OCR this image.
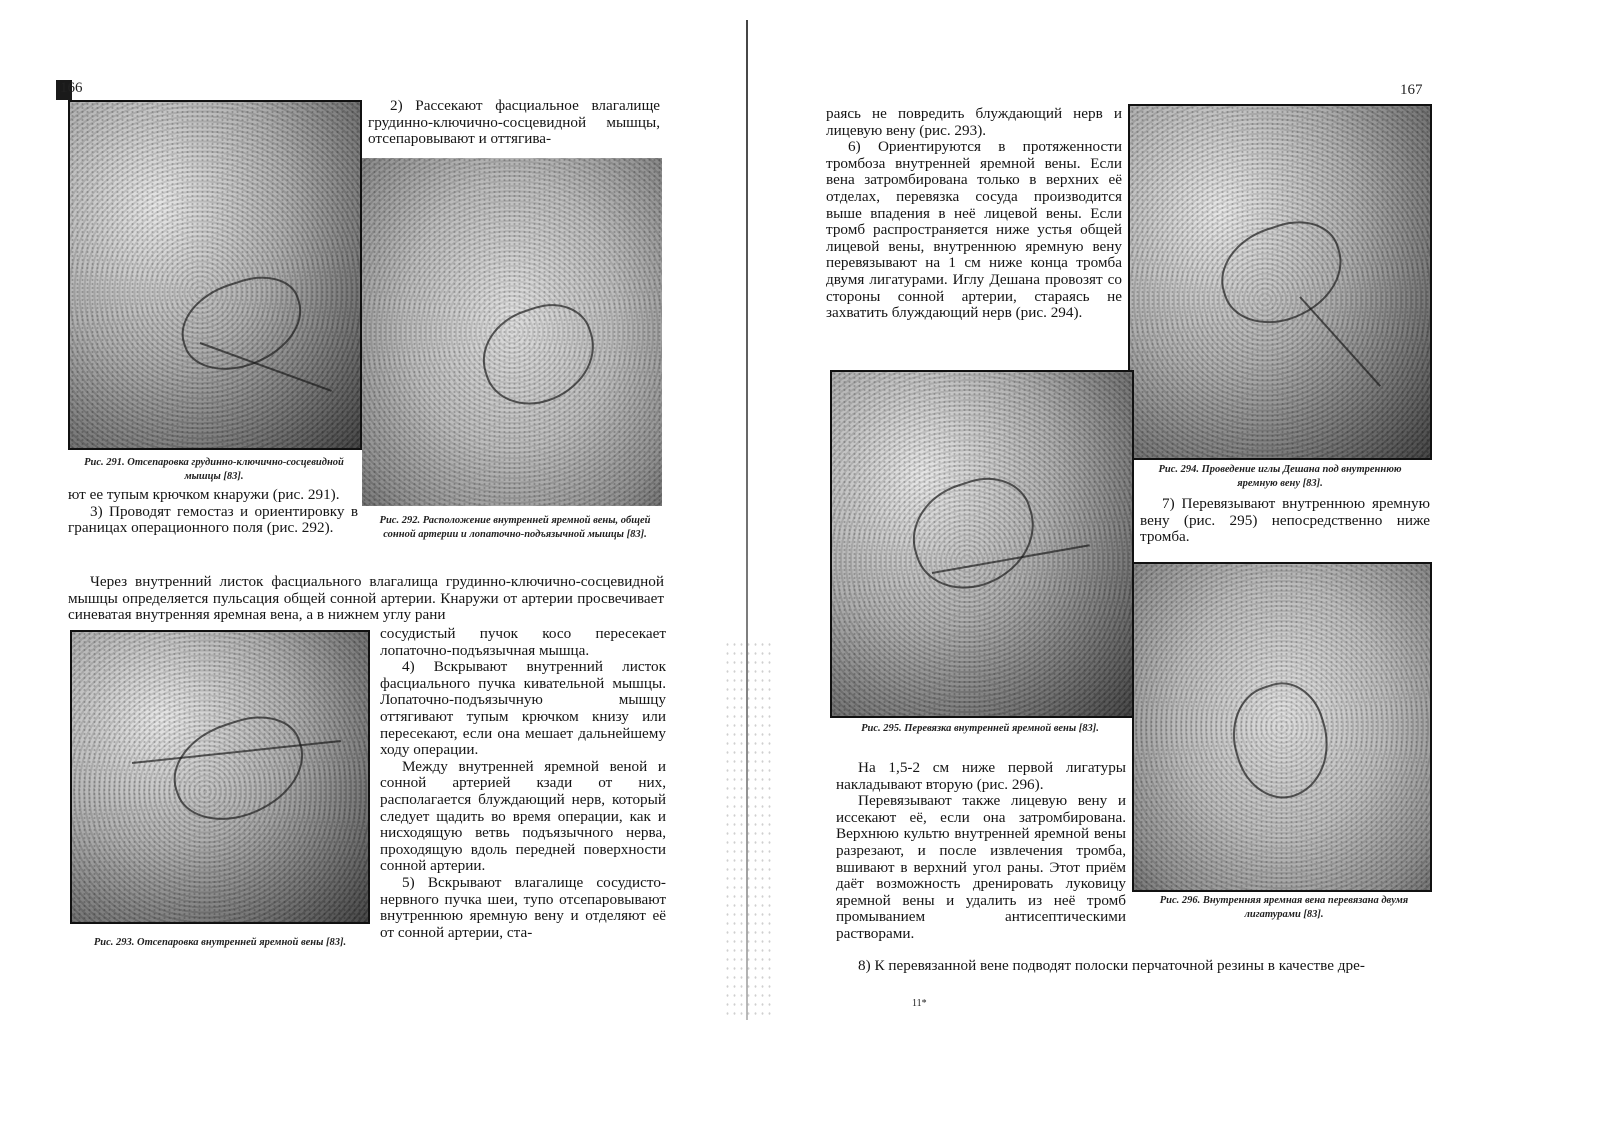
166
Рис. 291. Отсепаровка грудинно-ключично-сосцевидной мышцы [83].

2) Рассекают фасциальное влагалище грудинно-ключично-сосцевидной мышцы, отсепаровывают и оттягива-

Рис. 292. Расположение внутренней яремной вены, общей сонной артерии и лопаточно-подъязычной мышцы [83].

ют ее тупым крючком кнаружи (рис. 291).

3) Проводят гемостаз и ориентировку в границах операционного поля (рис. 292).

Через внутренний листок фасциального влагалища грудинно-ключично-сосцевидной мышцы определяется пульсация общей сонной артерии. Кнаружи от артерии просвечивает синеватая внутренняя яремная вена, а в нижнем углу рани

Рис. 293. Отсепаровка внутренней яремной вены [83].

сосудистый пучок косо пересекает лопаточно-подъязычная мышца.

4) Вскрывают внутренний листок фасциального пучка кивательной мышцы. Лопаточно-подъязычную мышцу оттягивают тупым крючком книзу или пересекают, если она мешает дальнейшему ходу операции.

Между внутренней яремной веной и сонной артерией кзади от них, располагается блуждающий нерв, который следует щадить во время операции, как и нисходящую ветвь подъязычного нерва, проходящую вдоль передней поверхности сонной артерии.

5) Вскрывают влагалище сосудисто-нервного пучка шеи, тупо отсепаровывают внутреннюю яремную вену и отделяют её от сонной артерии, ста-

167

раясь не повредить блуждающий нерв и лицевую вену (рис. 293).

6) Ориентируются в протяженности тромбоза внутренней яремной вены. Если вена затромбирована только в верхних её отделах, перевязка сосуда производится выше впадения в неё лицевой вены. Если тромб распространяется ниже устья общей лицевой вены, внутреннюю яремную вену перевязывают на 1 см ниже конца тромба двумя лигатурами. Иглу Дешана провозят со стороны сонной артерии, стараясь не захватить блуждающий нерв (рис. 294).

Рис. 294. Проведение иглы Дешана под внутреннюю яремную вену [83].

7) Перевязывают внутреннюю яремную вену (рис. 295) непосредственно ниже тромба.

Рис. 295. Перевязка внутренней яремной вены [83].
Рис. 296. Внутренняя яремная вена перевязана двумя лигатурами [83].

На 1,5-2 см ниже первой лигатуры накладывают вторую (рис. 296).

Перевязывают также лицевую вену и иссекают её, если она затромбирована. Верхнюю культю внутренней яремной вены разрезают, и после извлечения тромба, вшивают в верхний угол раны. Этот приём даёт возможность дренировать луковицу яремной вены и удалить из неё тромб промыванием антисептическими растворами.

8) К перевязанной вене подводят полоски перчаточной резины в качестве дре-

11*
